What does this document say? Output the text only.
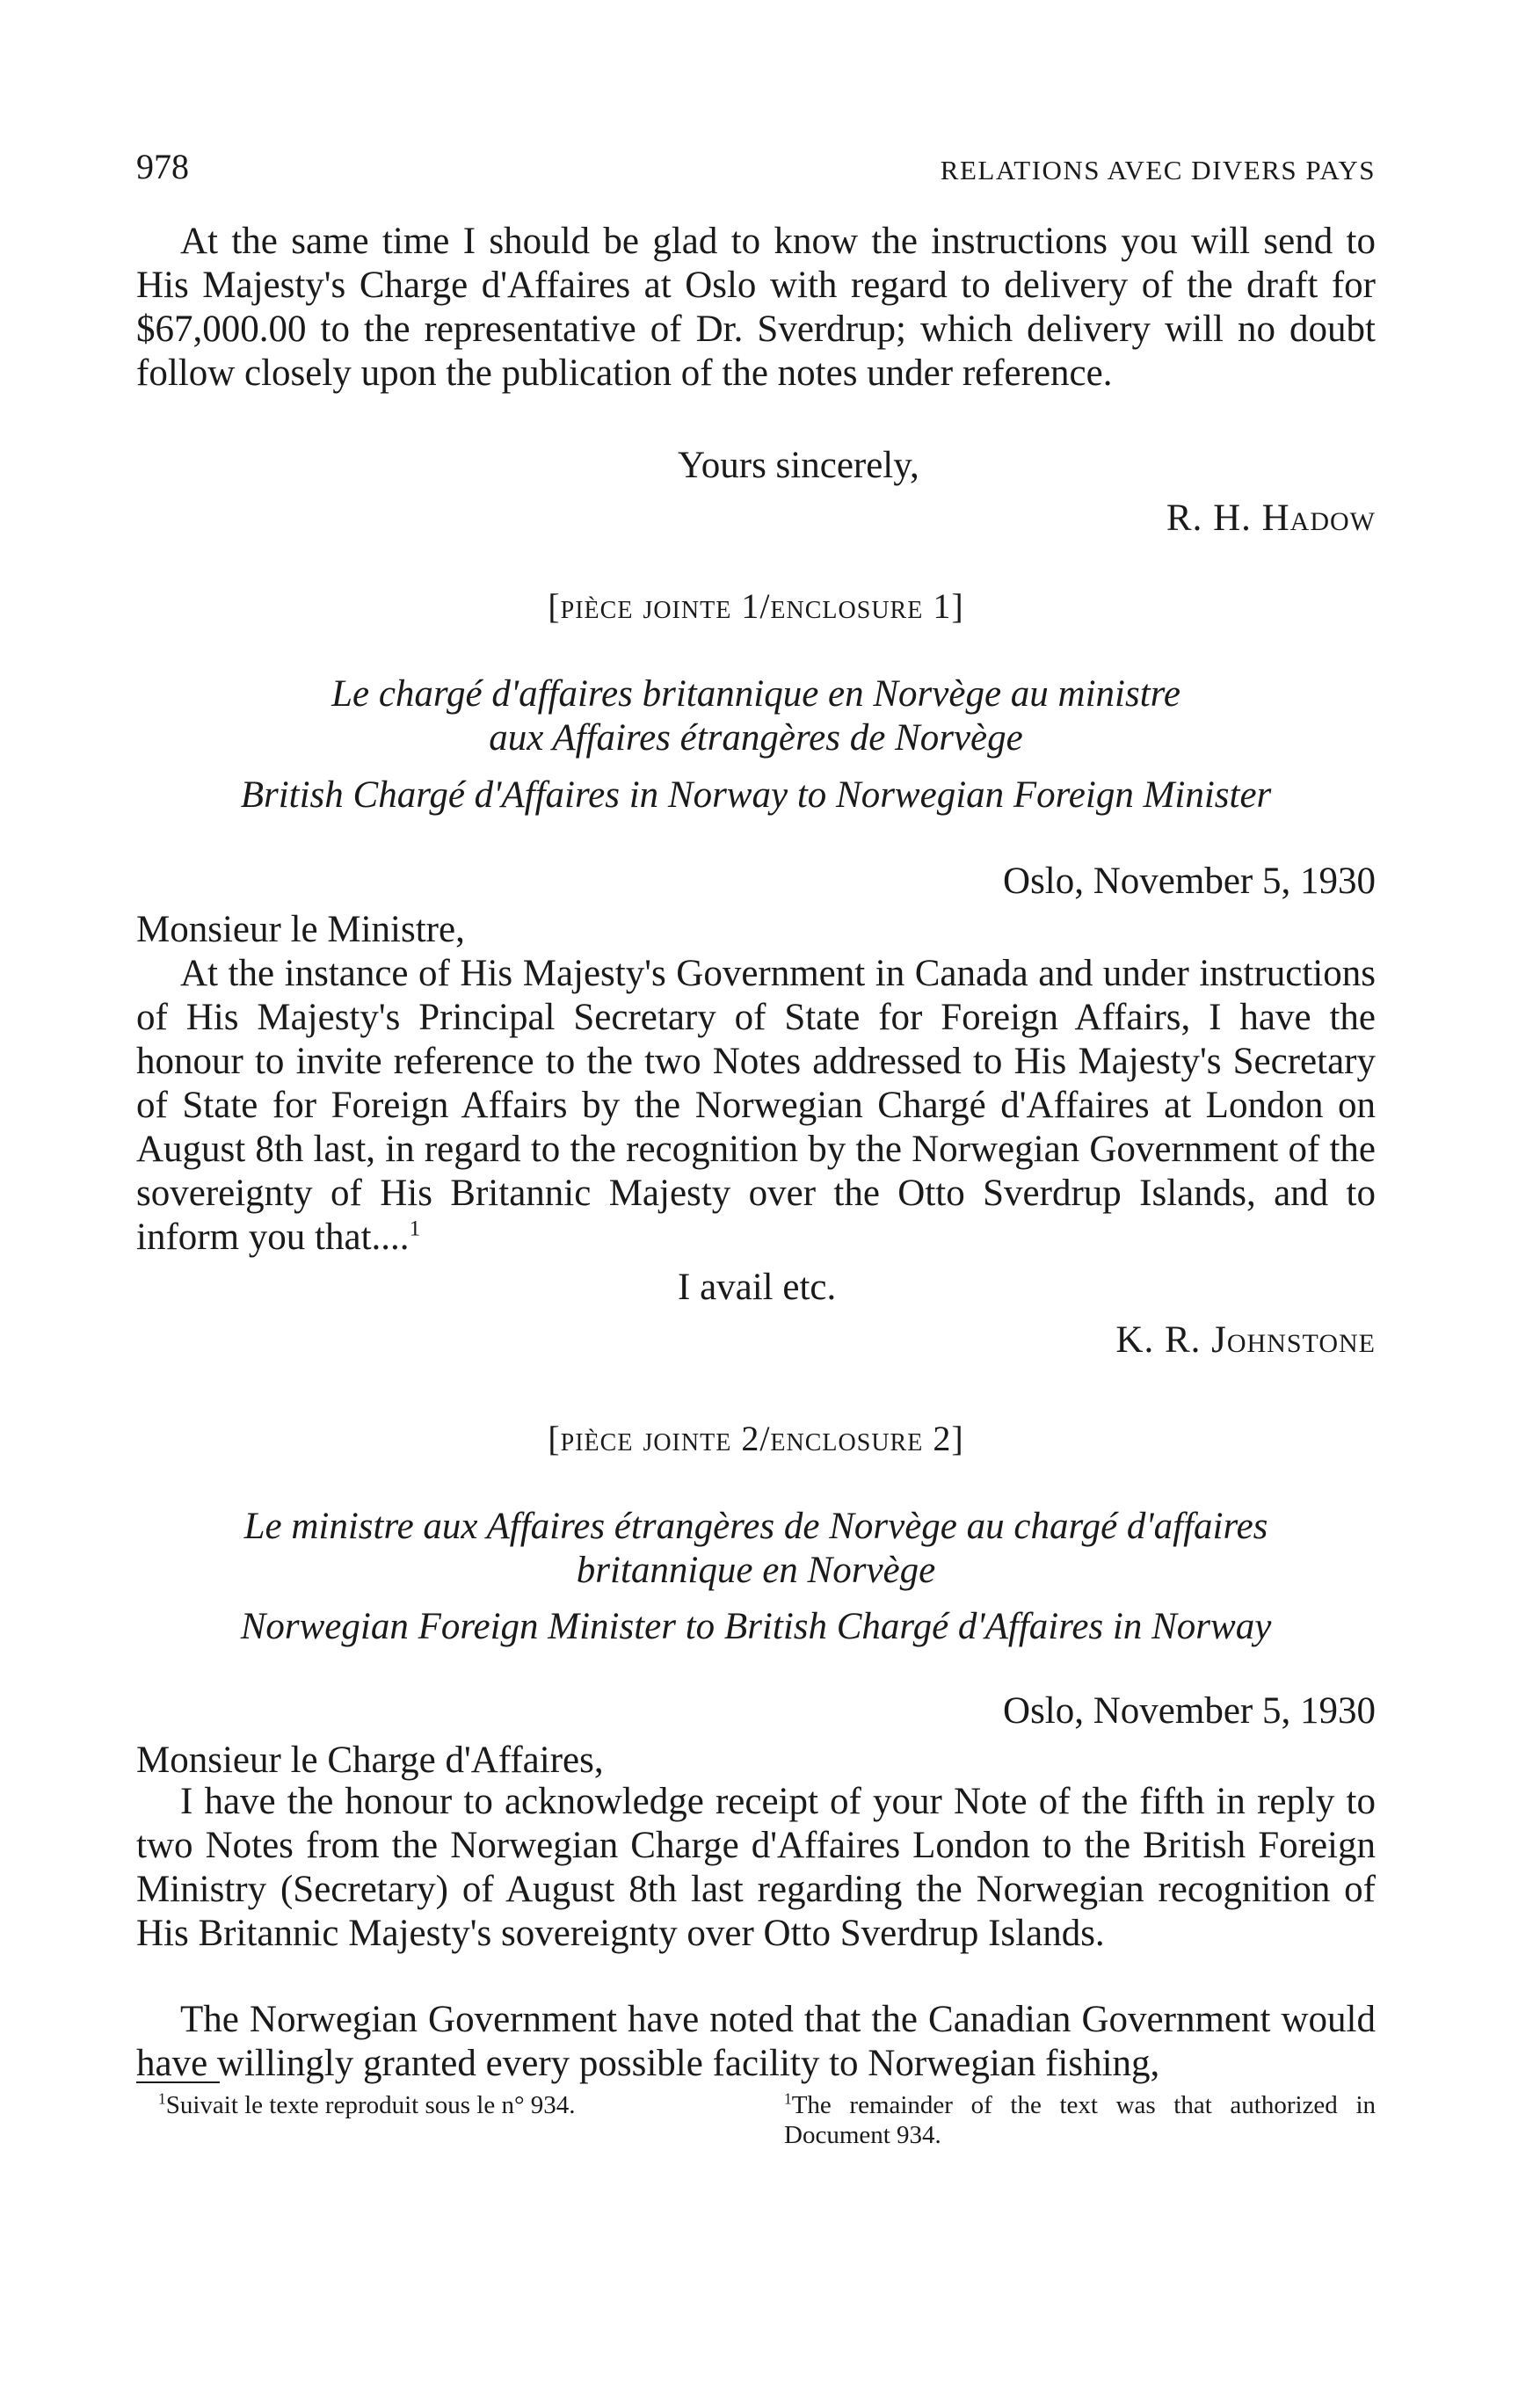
978	RELATIONS AVEC DIVERS PAYS

At the same time I should be glad to know the instructions you will send to His Majesty's Charge d'Affaires at Oslo with regard to delivery of the draft for $67,000.00 to the representative of Dr. Sverdrup; which delivery will no doubt follow closely upon the publication of the notes under reference.

Yours sincerely,
R. H. Hadow
[pièce jointe 1/enclosure 1]
Le chargé d'affaires britannique en Norvège au ministre
aux Affaires étrangères de Norvège
British Chargé d'Affaires in Norway to Norwegian Foreign Minister
Oslo, November 5, 1930
Monsieur le Ministre,

At the instance of His Majesty's Government in Canada and under instructions of His Majesty's Principal Secretary of State for Foreign Affairs, I have the honour to invite reference to the two Notes addressed to His Majesty's Secretary of State for Foreign Affairs by the Norwegian Chargé d'Affaires at London on August 8th last, in regard to the recognition by the Norwegian Government of the sovereignty of His Britannic Majesty over the Otto Sverdrup Islands, and to inform you that....$^1$

I avail etc.
K. R. Johnstone
[pièce jointe 2/enclosure 2]
Le ministre aux Affaires étrangères de Norvège au chargé d'affaires
britannique en Norvège
Norwegian Foreign Minister to British Chargé d'Affaires in Norway
Oslo, November 5, 1930
Monsieur le Charge d'Affaires,

I have the honour to acknowledge receipt of your Note of the fifth in reply to two Notes from the Norwegian Charge d'Affaires London to the British Foreign Ministry (Secretary) of August 8th last regarding the Norwegian recognition of His Britannic Majesty's sovereignty over Otto Sverdrup Islands.

The Norwegian Government have noted that the Canadian Government would have willingly granted every possible facility to Norwegian fishing,

$^1$Suivait le texte reproduit sous le n° 934.	$^1$The remainder of the text was that authorized in Document 934.
